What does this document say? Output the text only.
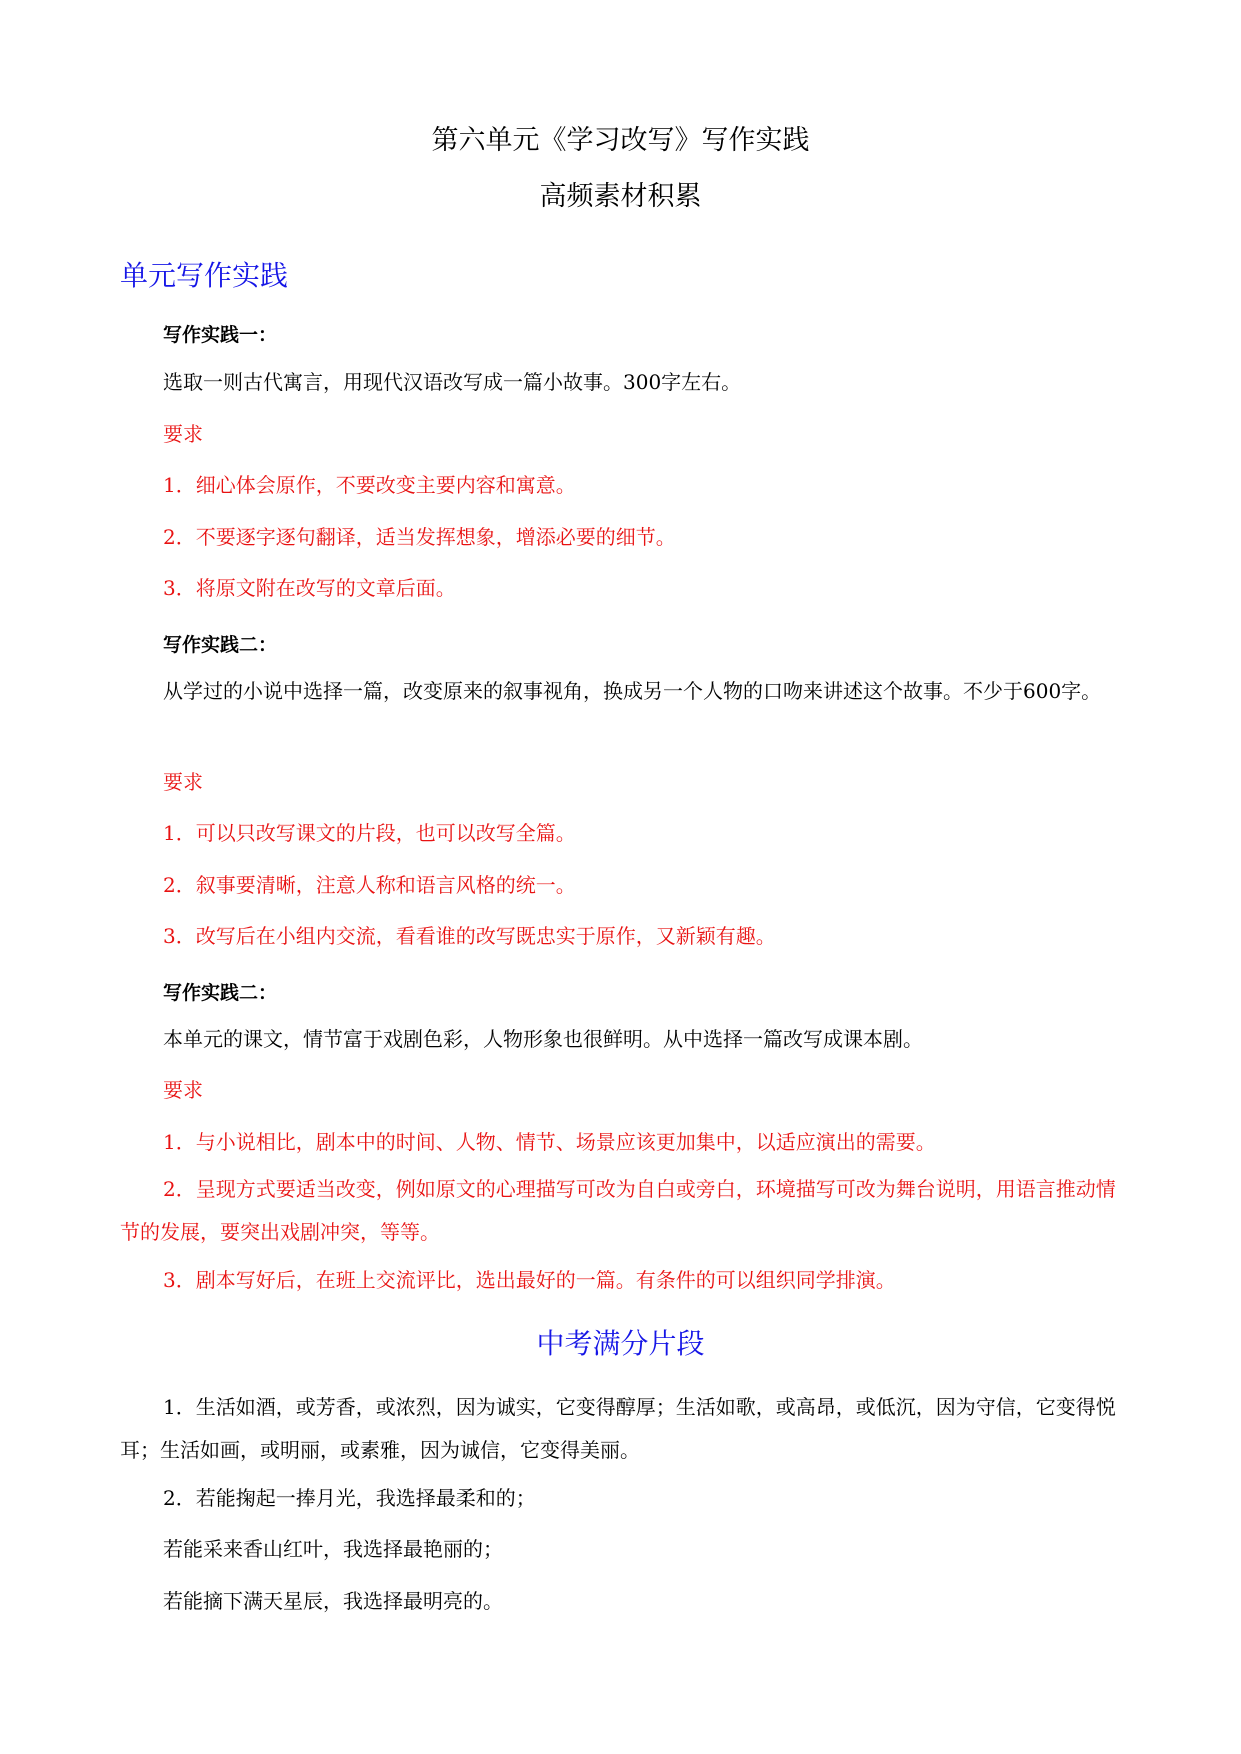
第六单元《学习改写》写作实践
高频素材积累
单元写作实践
写作实践一：
选取一则古代寓言，用现代汉语改写成一篇小故事。300字左右。
要求
1．细心体会原作，不要改变主要内容和寓意。
2．不要逐字逐句翻译，适当发挥想象，增添必要的细节。
3．将原文附在改写的文章后面。
写作实践二：
从学过的小说中选择一篇，改变原来的叙事视角，换成另一个人物的口吻来讲述这个故事。不少于600字。
要求
1．可以只改写课文的片段，也可以改写全篇。
2．叙事要清晰，注意人称和语言风格的统一。
3．改写后在小组内交流，看看谁的改写既忠实于原作，又新颖有趣。
写作实践二：
本单元的课文，情节富于戏剧色彩，人物形象也很鲜明。从中选择一篇改写成课本剧。
要求
1．与小说相比，剧本中的时间、人物、情节、场景应该更加集中，以适应演出的需要。
2．呈现方式要适当改变，例如原文的心理描写可改为自白或旁白，环境描写可改为舞台说明，用语言推动情节的发展，要突出戏剧冲突，等等。
3．剧本写好后，在班上交流评比，选出最好的一篇。有条件的可以组织同学排演。
中考满分片段
1．生活如酒，或芳香，或浓烈，因为诚实，它变得醇厚；生活如歌，或高昂，或低沉，因为守信，它变得悦耳；生活如画，或明丽，或素雅，因为诚信，它变得美丽。
2．若能掬起一捧月光，我选择最柔和的；
若能采来香山红叶，我选择最艳丽的；
若能摘下满天星辰，我选择最明亮的。
